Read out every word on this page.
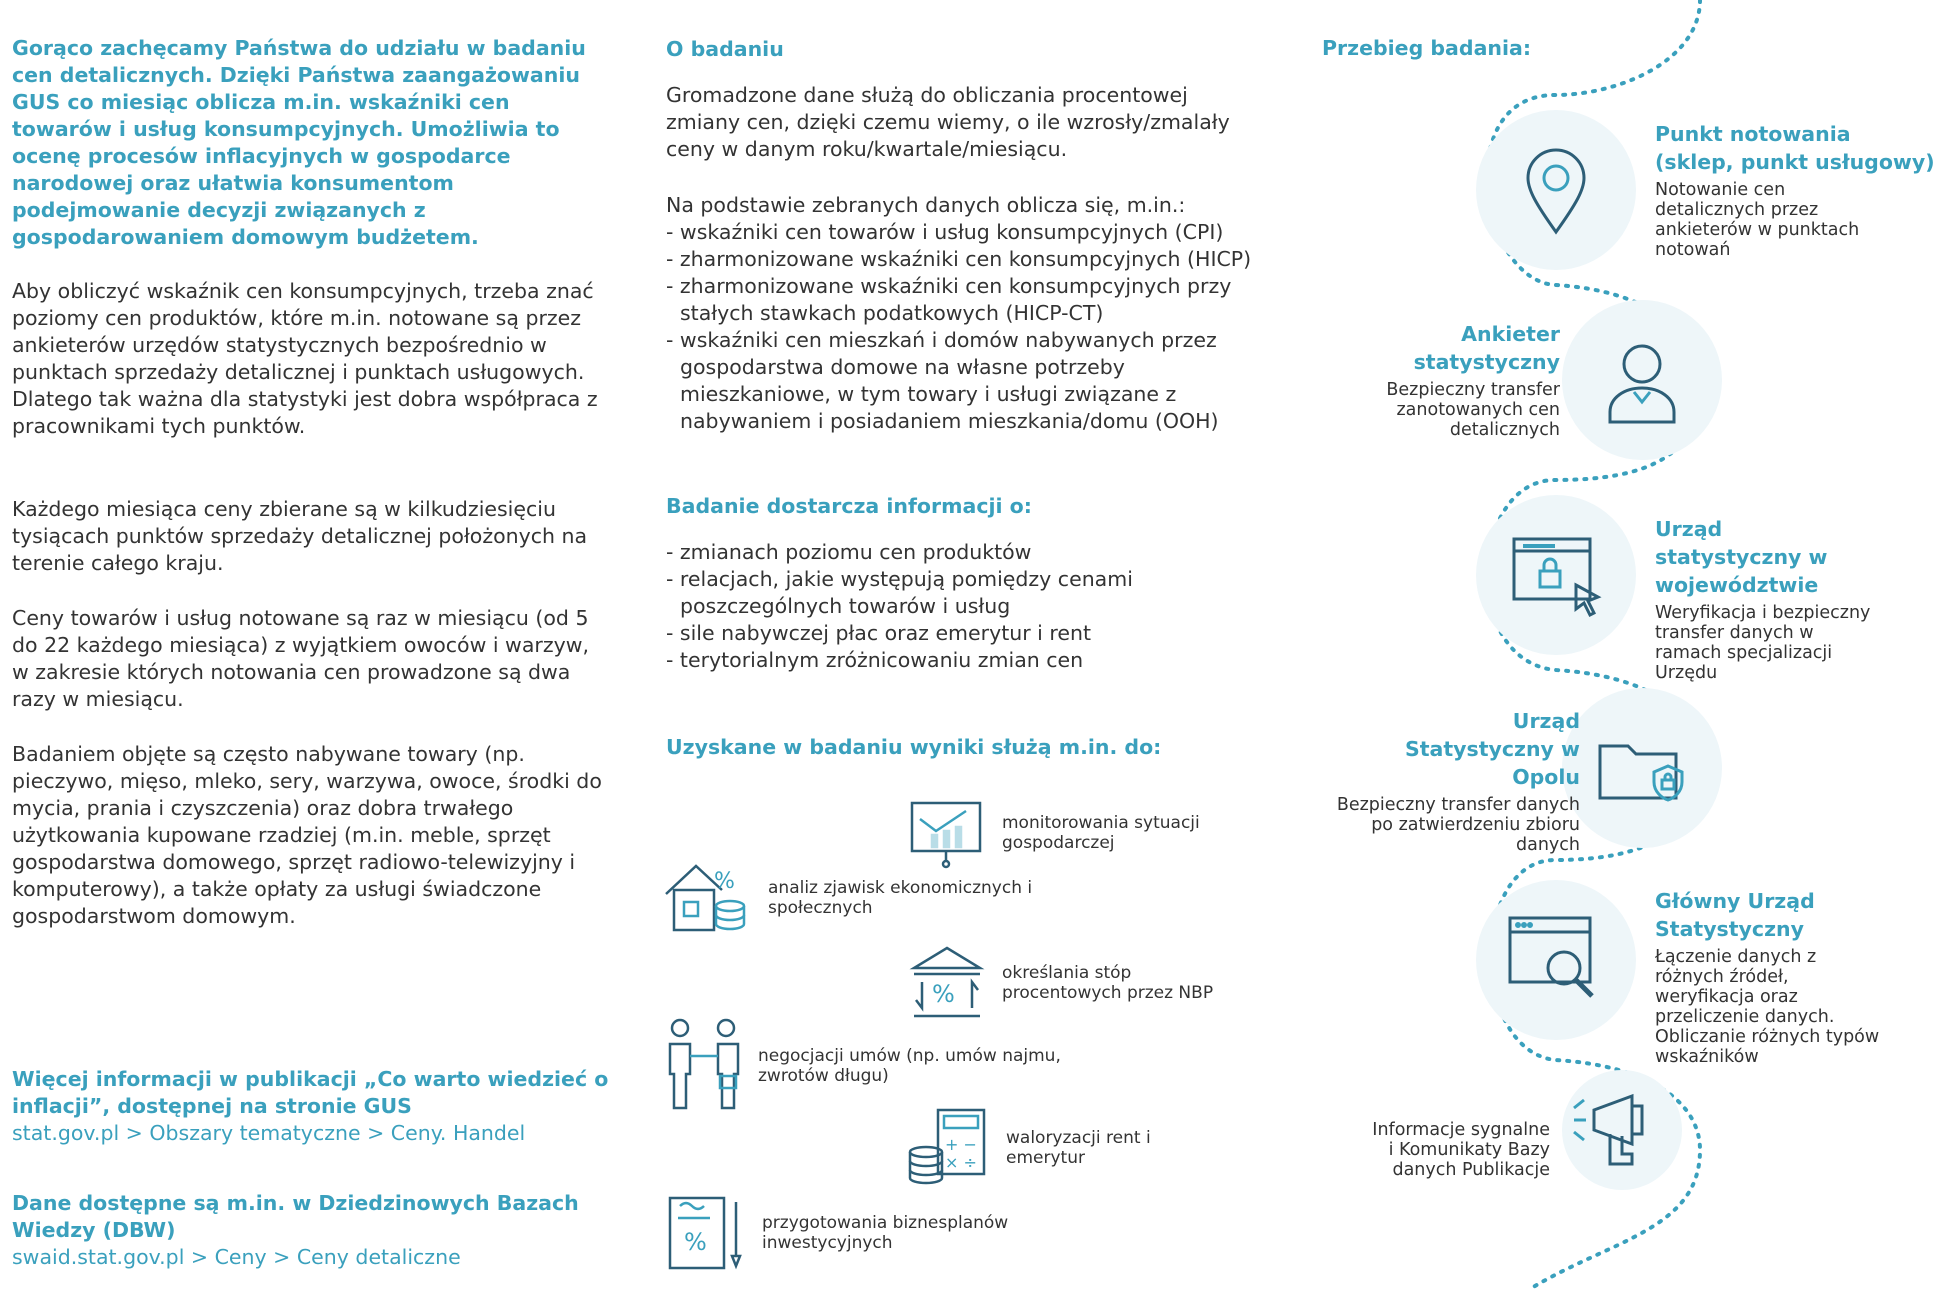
Gorąco zachęcamy Państwa do udziału w badaniu cen detalicznych. Dzięki Państwa zaangażowaniu GUS co miesiąc oblicza m.in. wskaźniki cen towarów i usług konsumpcyjnych. Umożliwia to ocenę procesów inflacyjnych w gospodarce narodowej oraz ułatwia konsumentom podejmowanie decyzji związanych z gospodarowaniem domowym budżetem.

Aby obliczyć wskaźnik cen konsumpcyjnych, trzeba znać poziomy cen produktów, które m.in. notowane są przez ankieterów urzędów statystycznych bezpośrednio w punktach sprzedaży detalicznej i punktach usługowych. Dlatego tak ważna dla statystyki jest dobra współpraca z pracownikami tych punktów.

Każdego miesiąca ceny zbierane są w kilkudziesięciu tysiącach punktów sprzedaży detalicznej położonych na terenie całego kraju.

Ceny towarów i usług notowane są raz w miesiącu (od 5 do 22 każdego miesiąca) z wyjątkiem owoców i warzyw, w zakresie których notowania cen prowadzone są dwa razy w miesiącu.

Badaniem objęte są często nabywane towary (np. pieczywo, mięso, mleko, sery, warzywa, owoce, środki do mycia, prania i czyszczenia) oraz dobra trwałego użytkowania kupowane rzadziej (m.in. meble, sprzęt gospodarstwa domowego, sprzęt radiowo-telewizyjny i komputerowy), a także opłaty za usługi świadczone gospodarstwom domowym.

Więcej informacji w publikacji „Co warto wiedzieć o inflacji”, dostępnej na stronie GUS
stat.gov.pl > Obszary tematyczne > Ceny. Handel
Dane dostępne są m.in. w Dziedzinowych Bazach Wiedzy (DBW)
swaid.stat.gov.pl > Ceny > Ceny detaliczne
O badaniu

Gromadzone dane służą do obliczania procentowej zmiany cen, dzięki czemu wiemy, o ile wzrosły/zmalały ceny w danym roku/kwartale/miesiącu.

Na podstawie zebranych danych oblicza się, m.in.:

- wskaźniki cen towarów i usług konsumpcyjnych (CPI)
- zharmonizowane wskaźniki cen konsumpcyjnych (HICP)
- zharmonizowane wskaźniki cen konsumpcyjnych przy stałych stawkach podatkowych (HICP-CT)
- wskaźniki cen mieszkań i domów nabywanych przez gospodarstwa domowe na własne potrzeby mieszkaniowe, w tym towary i usługi związane z nabywaniem i posiadaniem mieszkania/domu (OOH)
Badanie dostarcza informacji o:
- zmianach poziomu cen produktów
- relacjach, jakie występują pomiędzy cenami poszczególnych towarów i usług
- sile nabywczej płac oraz emerytur i rent
- terytorialnym zróżnicowaniu zmian cen
Uzyskane w badaniu wyniki służą m.in. do:
monitorowania sytuacji gospodarczej
% analiz zjawisk ekonomicznych i społecznych
%
określania stóp procentowych przez NBP
negocjacji umów (np. umów najmu, zwrotów długu)
+ −
× ÷
waloryzacji rent i emerytur
%
przygotowania biznesplanów inwestycyjnych
Przebieg badania:
Punkt notowania (sklep, punkt usługowy)
Notowanie cen detalicznych przez ankieterów w punktach notowań
Ankieter statystyczny
Bezpieczny transfer zanotowanych cen detalicznych
Urząd statystyczny w województwie
Weryfikacja i bezpieczny transfer danych w ramach specjalizacji Urzędu
Urząd Statystyczny w Opolu
Bezpieczny transfer danych po zatwierdzeniu zbioru danych
Główny Urząd Statystyczny
Łączenie danych z różnych źródeł, weryfikacja oraz przeliczenie danych. Obliczanie różnych typów wskaźników
Informacje sygnalne i Komunikaty Bazy danych Publikacje
